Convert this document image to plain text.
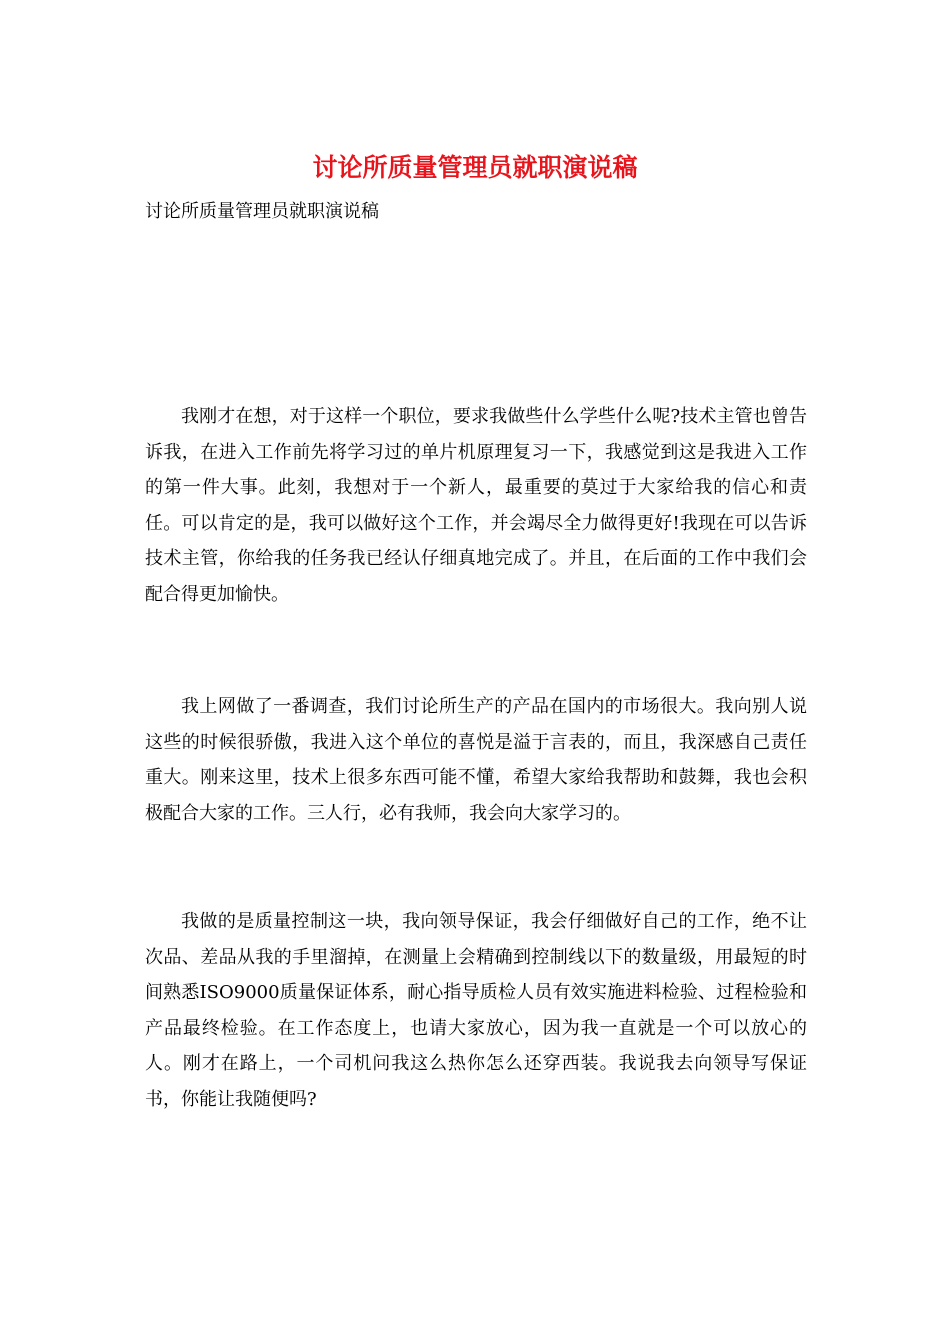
讨论所质量管理员就职演说稿

讨论所质量管理员就职演说稿

我刚才在想，对于这样一个职位，要求我做些什么学些什么呢?技术主管也曾告诉我，在进入工作前先将学习过的单片机原理复习一下，我感觉到这是我进入工作的第一件大事。此刻，我想对于一个新人，最重要的莫过于大家给我的信心和责任。可以肯定的是，我可以做好这个工作，并会竭尽全力做得更好!我现在可以告诉技术主管，你给我的任务我已经认仔细真地完成了。并且，在后面的工作中我们会配合得更加愉快。

我上网做了一番调查，我们讨论所生产的产品在国内的市场很大。我向别人说这些的时候很骄傲，我进入这个单位的喜悦是溢于言表的，而且，我深感自己责任重大。刚来这里，技术上很多东西可能不懂，希望大家给我帮助和鼓舞，我也会积极配合大家的工作。三人行，必有我师，我会向大家学习的。

我做的是质量控制这一块，我向领导保证，我会仔细做好自己的工作，绝不让次品、差品从我的手里溜掉，在测量上会精确到控制线以下的数量级，用最短的时间熟悉ISO9000质量保证体系，耐心指导质检人员有效实施进料检验、过程检验和产品最终检验。在工作态度上，也请大家放心，因为我一直就是一个可以放心的人。刚才在路上，一个司机问我这么热你怎么还穿西装。我说我去向领导写保证书，你能让我随便吗?
